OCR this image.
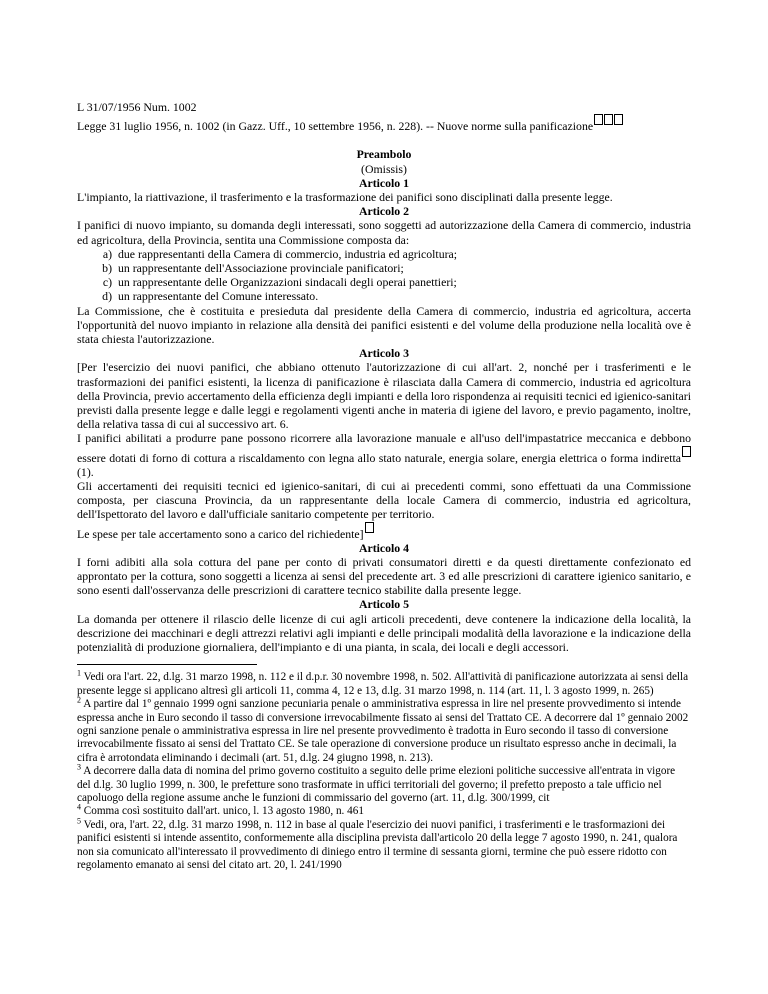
L 31/07/1956 Num. 1002

Legge 31 luglio 1956, n. 1002 (in Gazz. Uff., 10 settembre 1956, n. 228). -- Nuove norme sulla panificazione

Preambolo

(Omissis)

Articolo 1

L'impianto, la riattivazione, il trasferimento e la trasformazione dei panifici sono disciplinati dalla presente legge.

Articolo 2

I panifici di nuovo impianto, su domanda degli interessati, sono soggetti ad autorizzazione della Camera di commercio, industria ed agricoltura, della Provincia, sentita una Commissione composta da:

a) due rappresentanti della Camera di commercio, industria ed agricoltura;
b) un rappresentante dell'Associazione provinciale panificatori;
c) un rappresentante delle Organizzazioni sindacali degli operai panettieri;
d) un rappresentante del Comune interessato.

La Commissione, che è costituita e presieduta dal presidente della Camera di commercio, industria ed agricoltura, accerta l'opportunità del nuovo impianto in relazione alla densità dei panifici esistenti e del volume della produzione nella località ove è stata chiesta l'autorizzazione.

Articolo 3

[Per l'esercizio dei nuovi panifici, che abbiano ottenuto l'autorizzazione di cui all'art. 2, nonché per i trasferimenti e le trasformazioni dei panifici esistenti, la licenza di panificazione è rilasciata dalla Camera di commercio, industria ed agricoltura della Provincia, previo accertamento della efficienza degli impianti e della loro rispondenza ai requisiti tecnici ed igienico-sanitari previsti dalla presente legge e dalle leggi e regolamenti vigenti anche in materia di igiene del lavoro, e previo pagamento, inoltre, della relativa tassa di cui al successivo art. 6.

I panifici abilitati a produrre pane possono ricorrere alla lavorazione manuale e all'uso dell'impastatrice meccanica e debbono essere dotati di forno di cottura a riscaldamento con legna allo stato naturale, energia solare, energia elettrica o forma indiretta (1).

Gli accertamenti dei requisiti tecnici ed igienico-sanitari, di cui ai precedenti commi, sono effettuati da una Commissione composta, per ciascuna Provincia, da un rappresentante della locale Camera di commercio, industria ed agricoltura, dell'Ispettorato del lavoro e dall'ufficiale sanitario competente per territorio.

Le spese per tale accertamento sono a carico del richiedente]

Articolo 4

I forni adibiti alla sola cottura del pane per conto di privati consumatori diretti e da questi direttamente confezionato ed approntato per la cottura, sono soggetti a licenza ai sensi del precedente art. 3 ed alle prescrizioni di carattere igienico sanitario, e sono esenti dall'osservanza delle prescrizioni di carattere tecnico stabilite dalla presente legge.

Articolo 5

La domanda per ottenere il rilascio delle licenze di cui agli articoli precedenti, deve contenere la indicazione della località, la descrizione dei macchinari e degli attrezzi relativi agli impianti e delle principali modalità della lavorazione e la indicazione della potenzialità di produzione giornaliera, dell'impianto e di una pianta, in scala, dei locali e degli accessori.

$^1$ Vedi ora l'art. 22, d.lg. 31 marzo 1998, n. 112 e il d.p.r. 30 novembre 1998, n. 502. All'attività di panificazione autorizzata ai sensi della presente legge si applicano altresì gli articoli 11, comma 4, 12 e 13, d.lg. 31 marzo 1998, n. 114 (art. 11, l. 3 agosto 1999, n. 265)

$^2$ A partire dal 1º gennaio 1999 ogni sanzione pecuniaria penale o amministrativa espressa in lire nel presente provvedimento si intende espressa anche in Euro secondo il tasso di conversione irrevocabilmente fissato ai sensi del Trattato CE. A decorrere dal 1º gennaio 2002 ogni sanzione penale o amministrativa espressa in lire nel presente provvedimento è tradotta in Euro secondo il tasso di conversione irrevocabilmente fissato ai sensi del Trattato CE. Se tale operazione di conversione produce un risultato espresso anche in decimali, la cifra è arrotondata eliminando i decimali (art. 51, d.lg. 24 giugno 1998, n. 213).

$^3$ A decorrere dalla data di nomina del primo governo costituito a seguito delle prime elezioni politiche successive all'entrata in vigore del d.lg. 30 luglio 1999, n. 300, le prefetture sono trasformate in uffici territoriali del governo; il prefetto preposto a tale ufficio nel capoluogo della regione assume anche le funzioni di commissario del governo (art. 11, d.lg. 300/1999, cit

$^4$ Comma così sostituito dall'art. unico, l. 13 agosto 1980, n. 461

$^5$ Vedi, ora, l'art. 22, d.lg. 31 marzo 1998, n. 112 in base al quale l'esercizio dei nuovi panifici, i trasferimenti e le trasformazioni dei panifici esistenti si intende assentito, conformemente alla disciplina prevista dall'articolo 20 della legge 7 agosto 1990, n. 241, qualora non sia comunicato all'interessato il provvedimento di diniego entro il termine di sessanta giorni, termine che può essere ridotto con regolamento emanato ai sensi del citato art. 20, l. 241/1990
